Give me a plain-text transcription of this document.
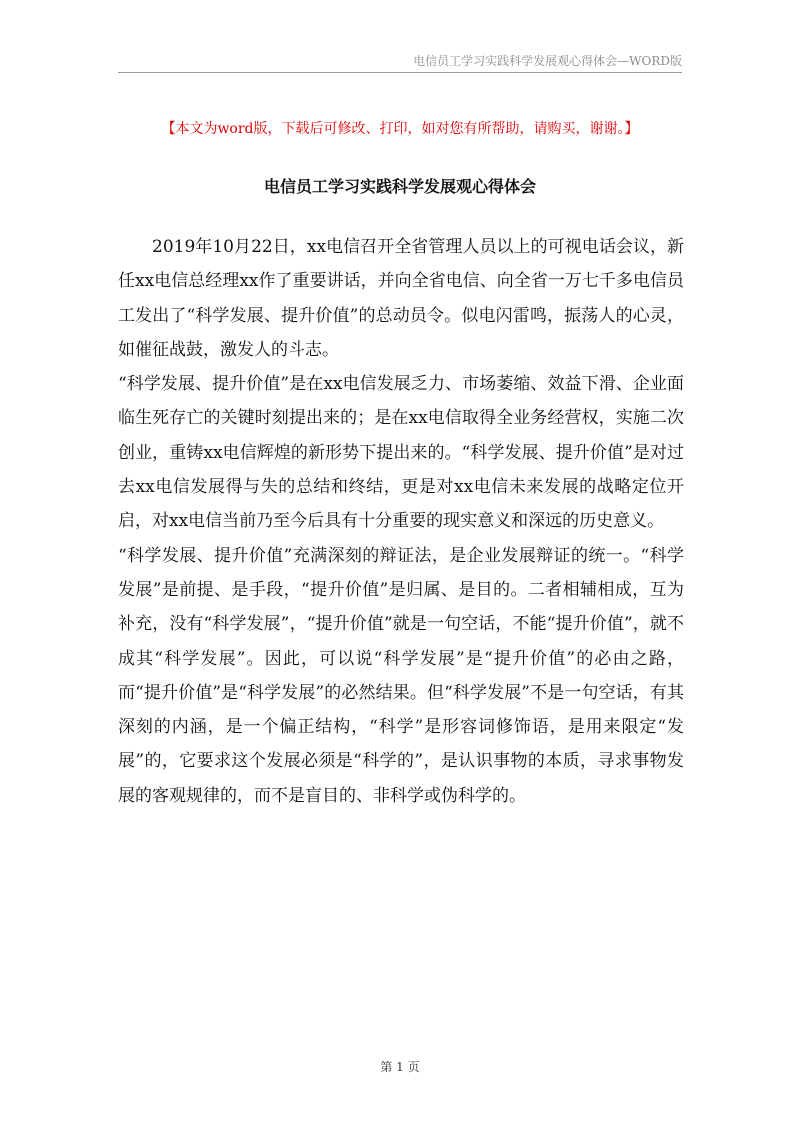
电信员工学习实践科学发展观心得体会—WORD版
【本文为word版，下载后可修改、打印，如对您有所帮助，请购买，谢谢。】
电信员工学习实践科学发展观心得体会

2019年10月22日，xx电信召开全省管理人员以上的可视电话会议，新任xx电信总经理xx作了重要讲话，并向全省电信、向全省一万七千多电信员工发出了“科学发展、提升价值”的总动员令。似电闪雷鸣，振荡人的心灵，如催征战鼓，激发人的斗志。

“科学发展、提升价值”是在xx电信发展乏力、市场萎缩、效益下滑、企业面临生死存亡的关键时刻提出来的；是在xx电信取得全业务经营权，实施二次创业，重铸xx电信辉煌的新形势下提出来的。“科学发展、提升价值”是对过去xx电信发展得与失的总结和终结，更是对xx电信未来发展的战略定位开启，对xx电信当前乃至今后具有十分重要的现实意义和深远的历史意义。

“科学发展、提升价值”充满深刻的辩证法，是企业发展辩证的统一。“科学发展”是前提、是手段，“提升价值”是归属、是目的。二者相辅相成，互为补充，没有“科学发展”，“提升价值”就是一句空话，不能“提升价值”，就不成其“科学发展”。因此，可以说“科学发展”是“提升价值”的必由之路，而“提升价值”是“科学发展”的必然结果。但“科学发展”不是一句空话，有其深刻的内涵，是一个偏正结构，“科学”是形容词修饰语，是用来限定“发展”的，它要求这个发展必须是“科学的”，是认识事物的本质，寻求事物发展的客观规律的，而不是盲目的、非科学或伪科学的。

第 1 页
